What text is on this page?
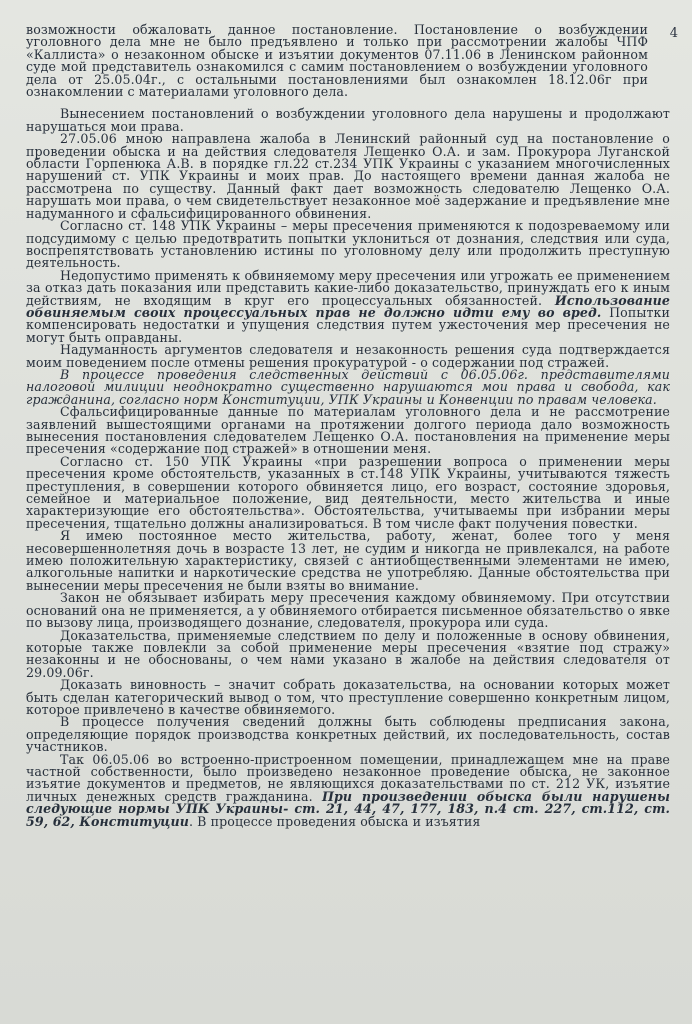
4

возможности обжаловать данное постановление. Постановление о возбуждении уголовного дела мне не было предъявлено и только при рассмотрении жалобы ЧПФ «Каллиста» о незаконном обыске и изъятии документов 07.11.06 в Ленинском районном суде мой представитель ознакомился с самим постановлением о возбуждении уголовного дела от 25.05.04г., с остальными постановлениями был ознакомлен 18.12.06г при ознакомлении с материалами уголовного дела.

Вынесением постановлений о возбуждении уголовного дела нарушены и продолжают нарушаться мои права.

27.05.06 мною направлена жалоба в Ленинский районный суд на постановление о проведении обыска и на действия следователя Лещенко О.А. и зам. Прокурора Луганской области Горпенюка А.В. в порядке гл.22 ст.234 УПК Украины с указанием многочисленных нарушений ст. УПК Украины и моих прав. До настоящего времени данная жалоба не рассмотрена по существу. Данный факт дает возможность следователю Лещенко О.А. нарушать мои права, о чем свидетельствует незаконное моё задержание и предъявление мне надуманного и сфальсифицированного обвинения.

Согласно ст. 148 УПК Украины – меры пресечения применяются к подозреваемому или подсудимому с целью предотвратить попытки уклониться от дознания, следствия или суда, воспрепятствовать установлению истины по уголовному делу или продолжить преступную деятельность.

Недопустимо применять к обвиняемому меру пресечения или угрожать ее применением за отказ дать показания или представить какие-либо доказательство, принуждать его к иным действиям, не входящим в круг его процессуальных обязанностей. Использование обвиняемым своих процессуальных прав не должно идти ему во вред. Попытки компенсировать недостатки и упущения следствия путем ужесточения мер пресечения не могут быть оправданы.

Надуманность аргументов следователя и незаконность решения суда подтверждается моим поведением после отмены решения прокуратурой - о содержании под стражей.

В процессе проведения следственных действий с 06.05.06г. представителями налоговой милиции неоднократно существенно нарушаются мои права и свобода, как гражданина, согласно норм Конституции, УПК Украины и Конвенции по правам человека.

Сфальсифицированные данные по материалам уголовного дела и не рассмотрение заявлений вышестоящими органами на протяжении долгого периода дало возможность вынесения постановления следователем Лещенко О.А. постановления на применение меры пресечения «содержание под стражей» в отношении меня.

Согласно ст. 150 УПК Украины «при разрешении вопроса о применении меры пресечения кроме обстоятельств, указанных в ст.148 УПК Украины, учитываются тяжесть преступления, в совершении которого обвиняется лицо, его возраст, состояние здоровья, семейное и материальное положение, вид деятельности, место жительства и иные характеризующие его обстоятельства». Обстоятельства, учитываемы при избрании меры пресечения, тщательно должны анализироваться. В том числе факт получения повестки.

Я имею постоянное место жительства, работу, женат, более того у меня несовершеннолетняя дочь в возрасте 13 лет, не судим и никогда не привлекался, на работе имею положительную характеристику, связей с антиобщественными элементами не имею, алкогольные напитки и наркотические средства не употребляю. Данные обстоятельства при вынесении меры пресечения не были взяты во внимание.

Закон не обязывает избирать меру пресечения каждому обвиняемому. При отсутствии оснований она не применяется, а у обвиняемого отбирается письменное обязательство о явке по вызову лица, производящего дознание, следователя, прокурора или суда.

Доказательства, применяемые следствием по делу и положенные в основу обвинения, которые также повлекли за собой применение меры пресечения «взятие под стражу» незаконны и не обоснованы, о чем нами указано в жалобе на действия следователя от 29.09.06г.

Доказать виновность – значит собрать доказательства, на основании которых может быть сделан категорический вывод о том, что преступление совершенно конкретным лицом, которое привлечено в качестве обвиняемого.

В процессе получения сведений должны быть соблюдены предписания закона, определяющие порядок производства конкретных действий, их последовательность, состав участников.

Так 06.05.06 во встроенно-пристроенном помещении, принадлежащем мне на праве частной собственности, было произведено незаконное проведение обыска, не законное изъятие документов и предметов, не являющихся доказательствами по ст. 212 УК, изъятие личных денежных средств гражданина. При произведении обыска были нарушены следующие нормы УПК Украины- ст. 21, 44, 47, 177, 183, п.4 ст. 227, ст.112, ст. 59, 62, Конституции. В процессе проведения обыска и изъятия
